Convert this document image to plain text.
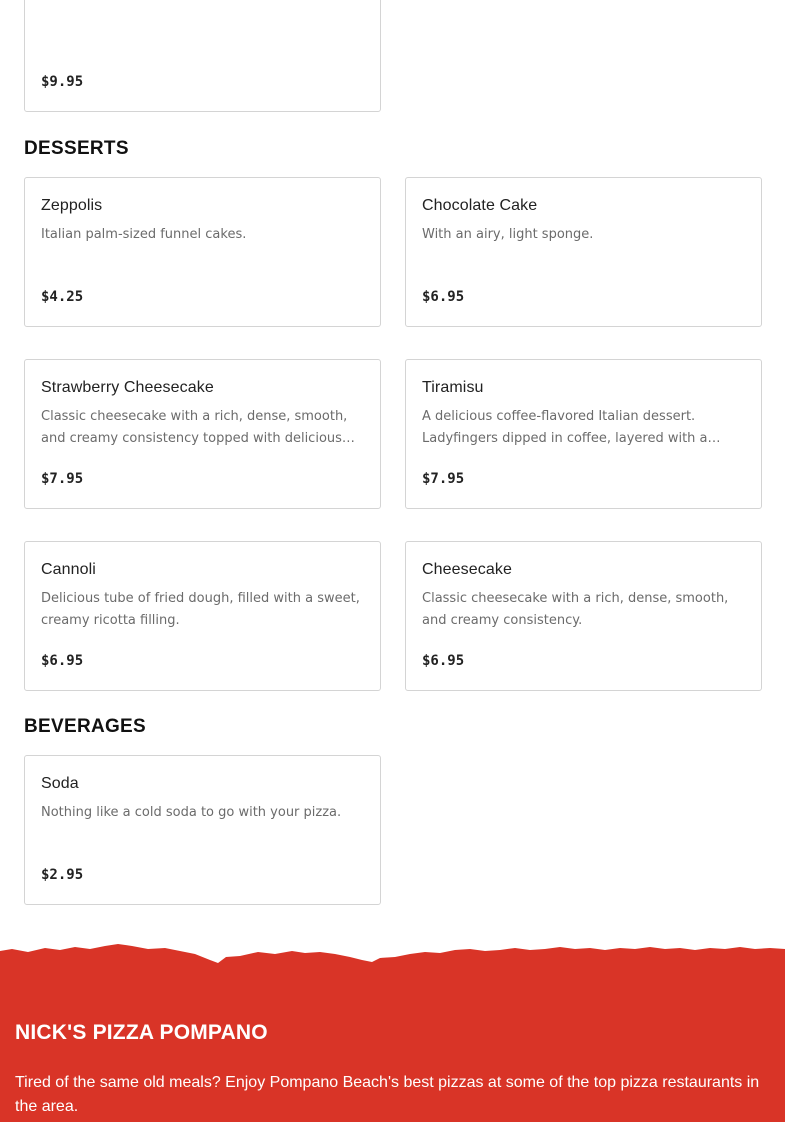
$9.95
DESSERTS
Zeppolis

Italian palm-sized funnel cakes.

$4.25
Chocolate Cake

With an airy, light sponge.

$6.95
Strawberry Cheesecake

Classic cheesecake with a rich, dense, smooth, and creamy consistency topped with delicious…

$7.95
Tiramisu

A delicious coffee-flavored Italian dessert. Ladyfingers dipped in coffee, layered with a…

$7.95
Cannoli

Delicious tube of fried dough, filled with a sweet, creamy ricotta filling.

$6.95
Cheesecake

Classic cheesecake with a rich, dense, smooth, and creamy consistency.

$6.95
BEVERAGES
Soda

Nothing like a cold soda to go with your pizza.

$2.95
NICK'S PIZZA POMPANO

Tired of the same old meals? Enjoy Pompano Beach's best pizzas at some of the top pizza restaurants in the area.
